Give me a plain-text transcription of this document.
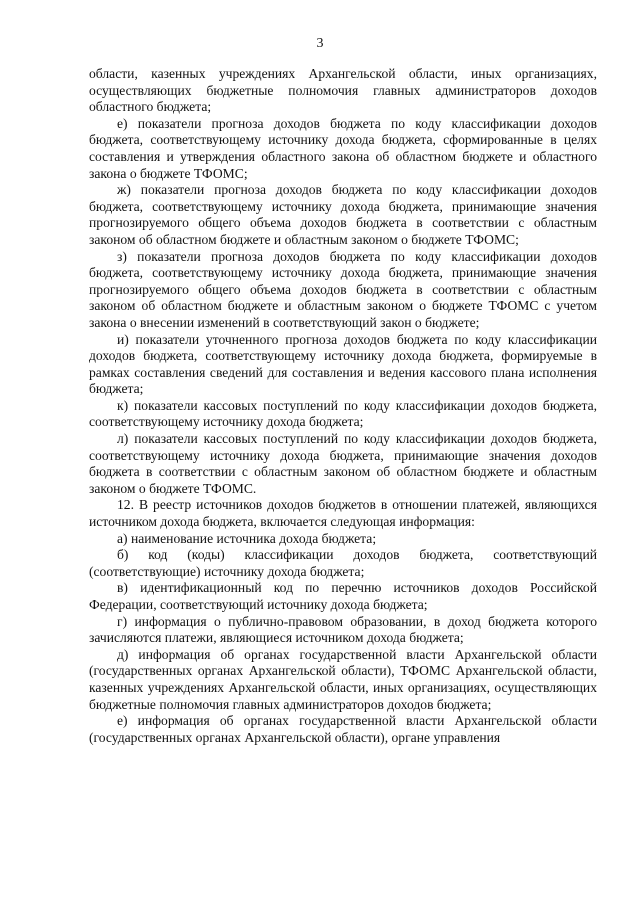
3

области, казенных учреждениях Архангельской области, иных организациях, осуществляющих бюджетные полномочия главных администраторов доходов областного бюджета;

е) показатели прогноза доходов бюджета по коду классификации доходов бюджета, соответствующему источнику дохода бюджета, сформированные в целях составления и утверждения областного закона об областном бюджете и областного закона о бюджете ТФОМС;

ж) показатели прогноза доходов бюджета по коду классификации доходов бюджета, соответствующему источнику дохода бюджета, принимающие значения прогнозируемого общего объема доходов бюджета в соответствии с областным законом об областном бюджете и областным законом о бюджете ТФОМС;

з) показатели прогноза доходов бюджета по коду классификации доходов бюджета, соответствующему источнику дохода бюджета, принимающие значения прогнозируемого общего объема доходов бюджета в соответствии с областным законом об областном бюджете и областным законом о бюджете ТФОМС с учетом закона о внесении изменений в соответствующий закон о бюджете;

и) показатели уточненного прогноза доходов бюджета по коду классификации доходов бюджета, соответствующему источнику дохода бюджета, формируемые в рамках составления сведений для составления и ведения кассового плана исполнения бюджета;

к) показатели кассовых поступлений по коду классификации доходов бюджета, соответствующему источнику дохода бюджета;

л) показатели кассовых поступлений по коду классификации доходов бюджета, соответствующему источнику дохода бюджета, принимающие значения доходов бюджета в соответствии с областным законом об областном бюджете и областным законом о бюджете ТФОМС.

12. В реестр источников доходов бюджетов в отношении платежей, являющихся источником дохода бюджета, включается следующая информация:

а) наименование источника дохода бюджета;

б) код (коды) классификации доходов бюджета, соответствующий (соответствующие) источнику дохода бюджета;

в) идентификационный код по перечню источников доходов Российской Федерации, соответствующий источнику дохода бюджета;

г) информация о публично-правовом образовании, в доход бюджета которого зачисляются платежи, являющиеся источником дохода бюджета;

д) информация об органах государственной власти Архангельской области (государственных органах Архангельской области), ТФОМС Архангельской области, казенных учреждениях Архангельской области, иных организациях, осуществляющих бюджетные полномочия главных администраторов доходов бюджета;

е) информация об органах государственной власти Архангельской области (государственных органах Архангельской области), органе управления
